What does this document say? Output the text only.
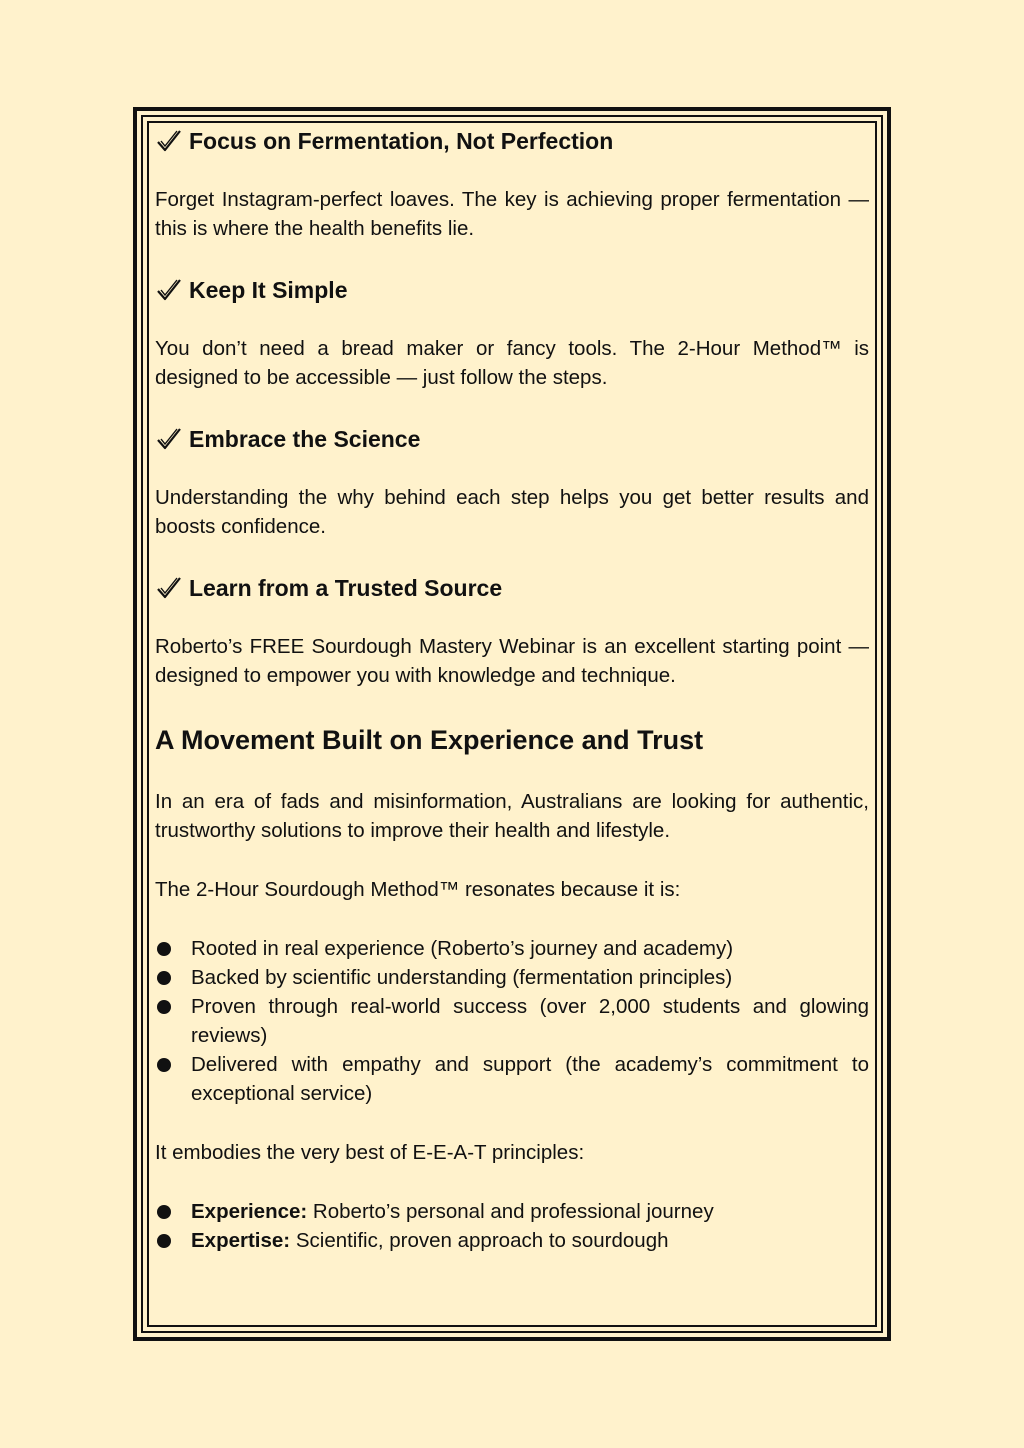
Focus on Fermentation, Not Perfection

Forget Instagram-perfect loaves. The key is achieving proper fermentation — this is where the health benefits lie.

Keep It Simple

You don’t need a bread maker or fancy tools. The 2-Hour Method™ is designed to be accessible — just follow the steps.

Embrace the Science

Understanding the why behind each step helps you get better results and boosts confidence.

Learn from a Trusted Source

Roberto’s FREE Sourdough Mastery Webinar is an excellent starting point — designed to empower you with knowledge and technique.

A Movement Built on Experience and Trust

In an era of fads and misinformation, Australians are looking for authentic, trustworthy solutions to improve their health and lifestyle.

The 2-Hour Sourdough Method™ resonates because it is:

Rooted in real experience (Roberto’s journey and academy)
Backed by scientific understanding (fermentation principles)
Proven through real-world success (over 2,000 students and glowing reviews)
Delivered with empathy and support (the academy’s commitment to exceptional service)

It embodies the very best of E-E-A-T principles:

Experience: Roberto’s personal and professional journey
Expertise: Scientific, proven approach to sourdough
